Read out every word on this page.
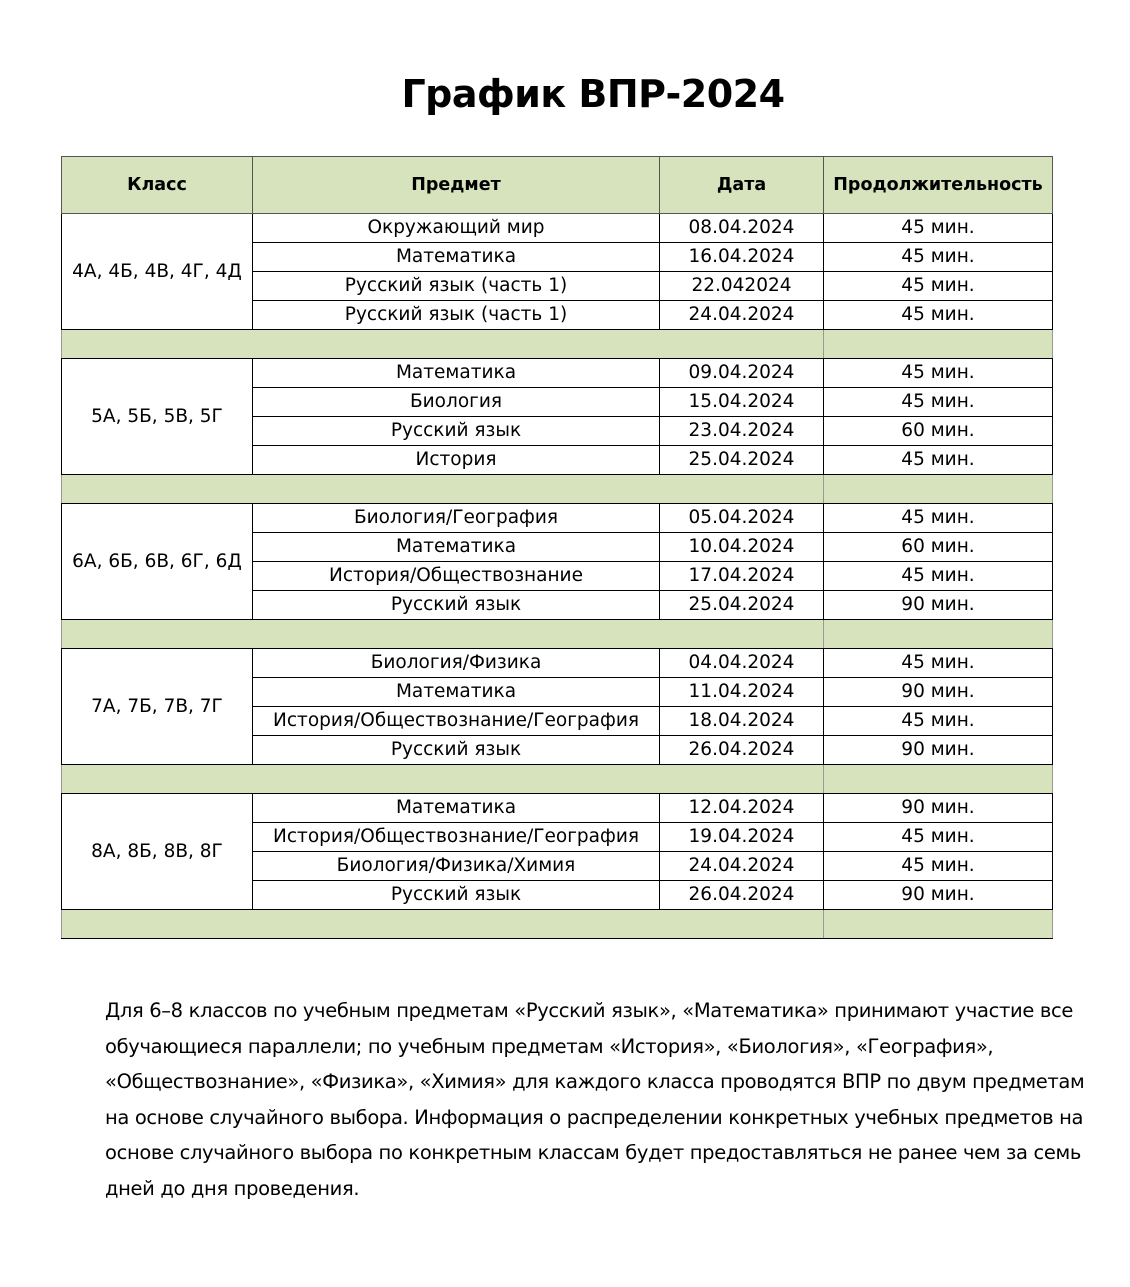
График ВПР-2024
Класс	Предмет	Дата	Продолжительность
4А, 4Б, 4В, 4Г, 4Д	Окружающий мир	08.04.2024	45 мин.
	Математика	16.04.2024	45 мин.
	Русский язык (часть 1)	22.042024	45 мин.
	Русский язык (часть 1)	24.04.2024	45 мин.

5А, 5Б, 5В, 5Г	Математика	09.04.2024	45 мин.
	Биология	15.04.2024	45 мин.
	Русский язык	23.04.2024	60 мин.
	История	25.04.2024	45 мин.

6А, 6Б, 6В, 6Г, 6Д	Биология/География	05.04.2024	45 мин.
	Математика	10.04.2024	60 мин.
	История/Обществознание	17.04.2024	45 мин.
	Русский язык	25.04.2024	90 мин.

7А, 7Б, 7В, 7Г	Биология/Физика	04.04.2024	45 мин.
	Математика	11.04.2024	90 мин.
	История/Обществознание/География	18.04.2024	45 мин.
	Русский язык	26.04.2024	90 мин.

8А, 8Б, 8В, 8Г	Математика	12.04.2024	90 мин.
	История/Обществознание/География	19.04.2024	45 мин.
	Биология/Физика/Химия	24.04.2024	45 мин.
	Русский язык	26.04.2024	90 мин.

Для 6–8 классов по учебным предметам «Русский язык», «Математика» принимают участие все обучающиеся параллели; по учебным предметам «История», «Биология», «География», «Обществознание», «Физика», «Химия» для каждого класса проводятся ВПР по двум предметам на основе случайного выбора. Информация о распределении конкретных учебных предметов на основе случайного выбора по конкретным классам будет предоставляться не ранее чем за семь дней до дня проведения.
